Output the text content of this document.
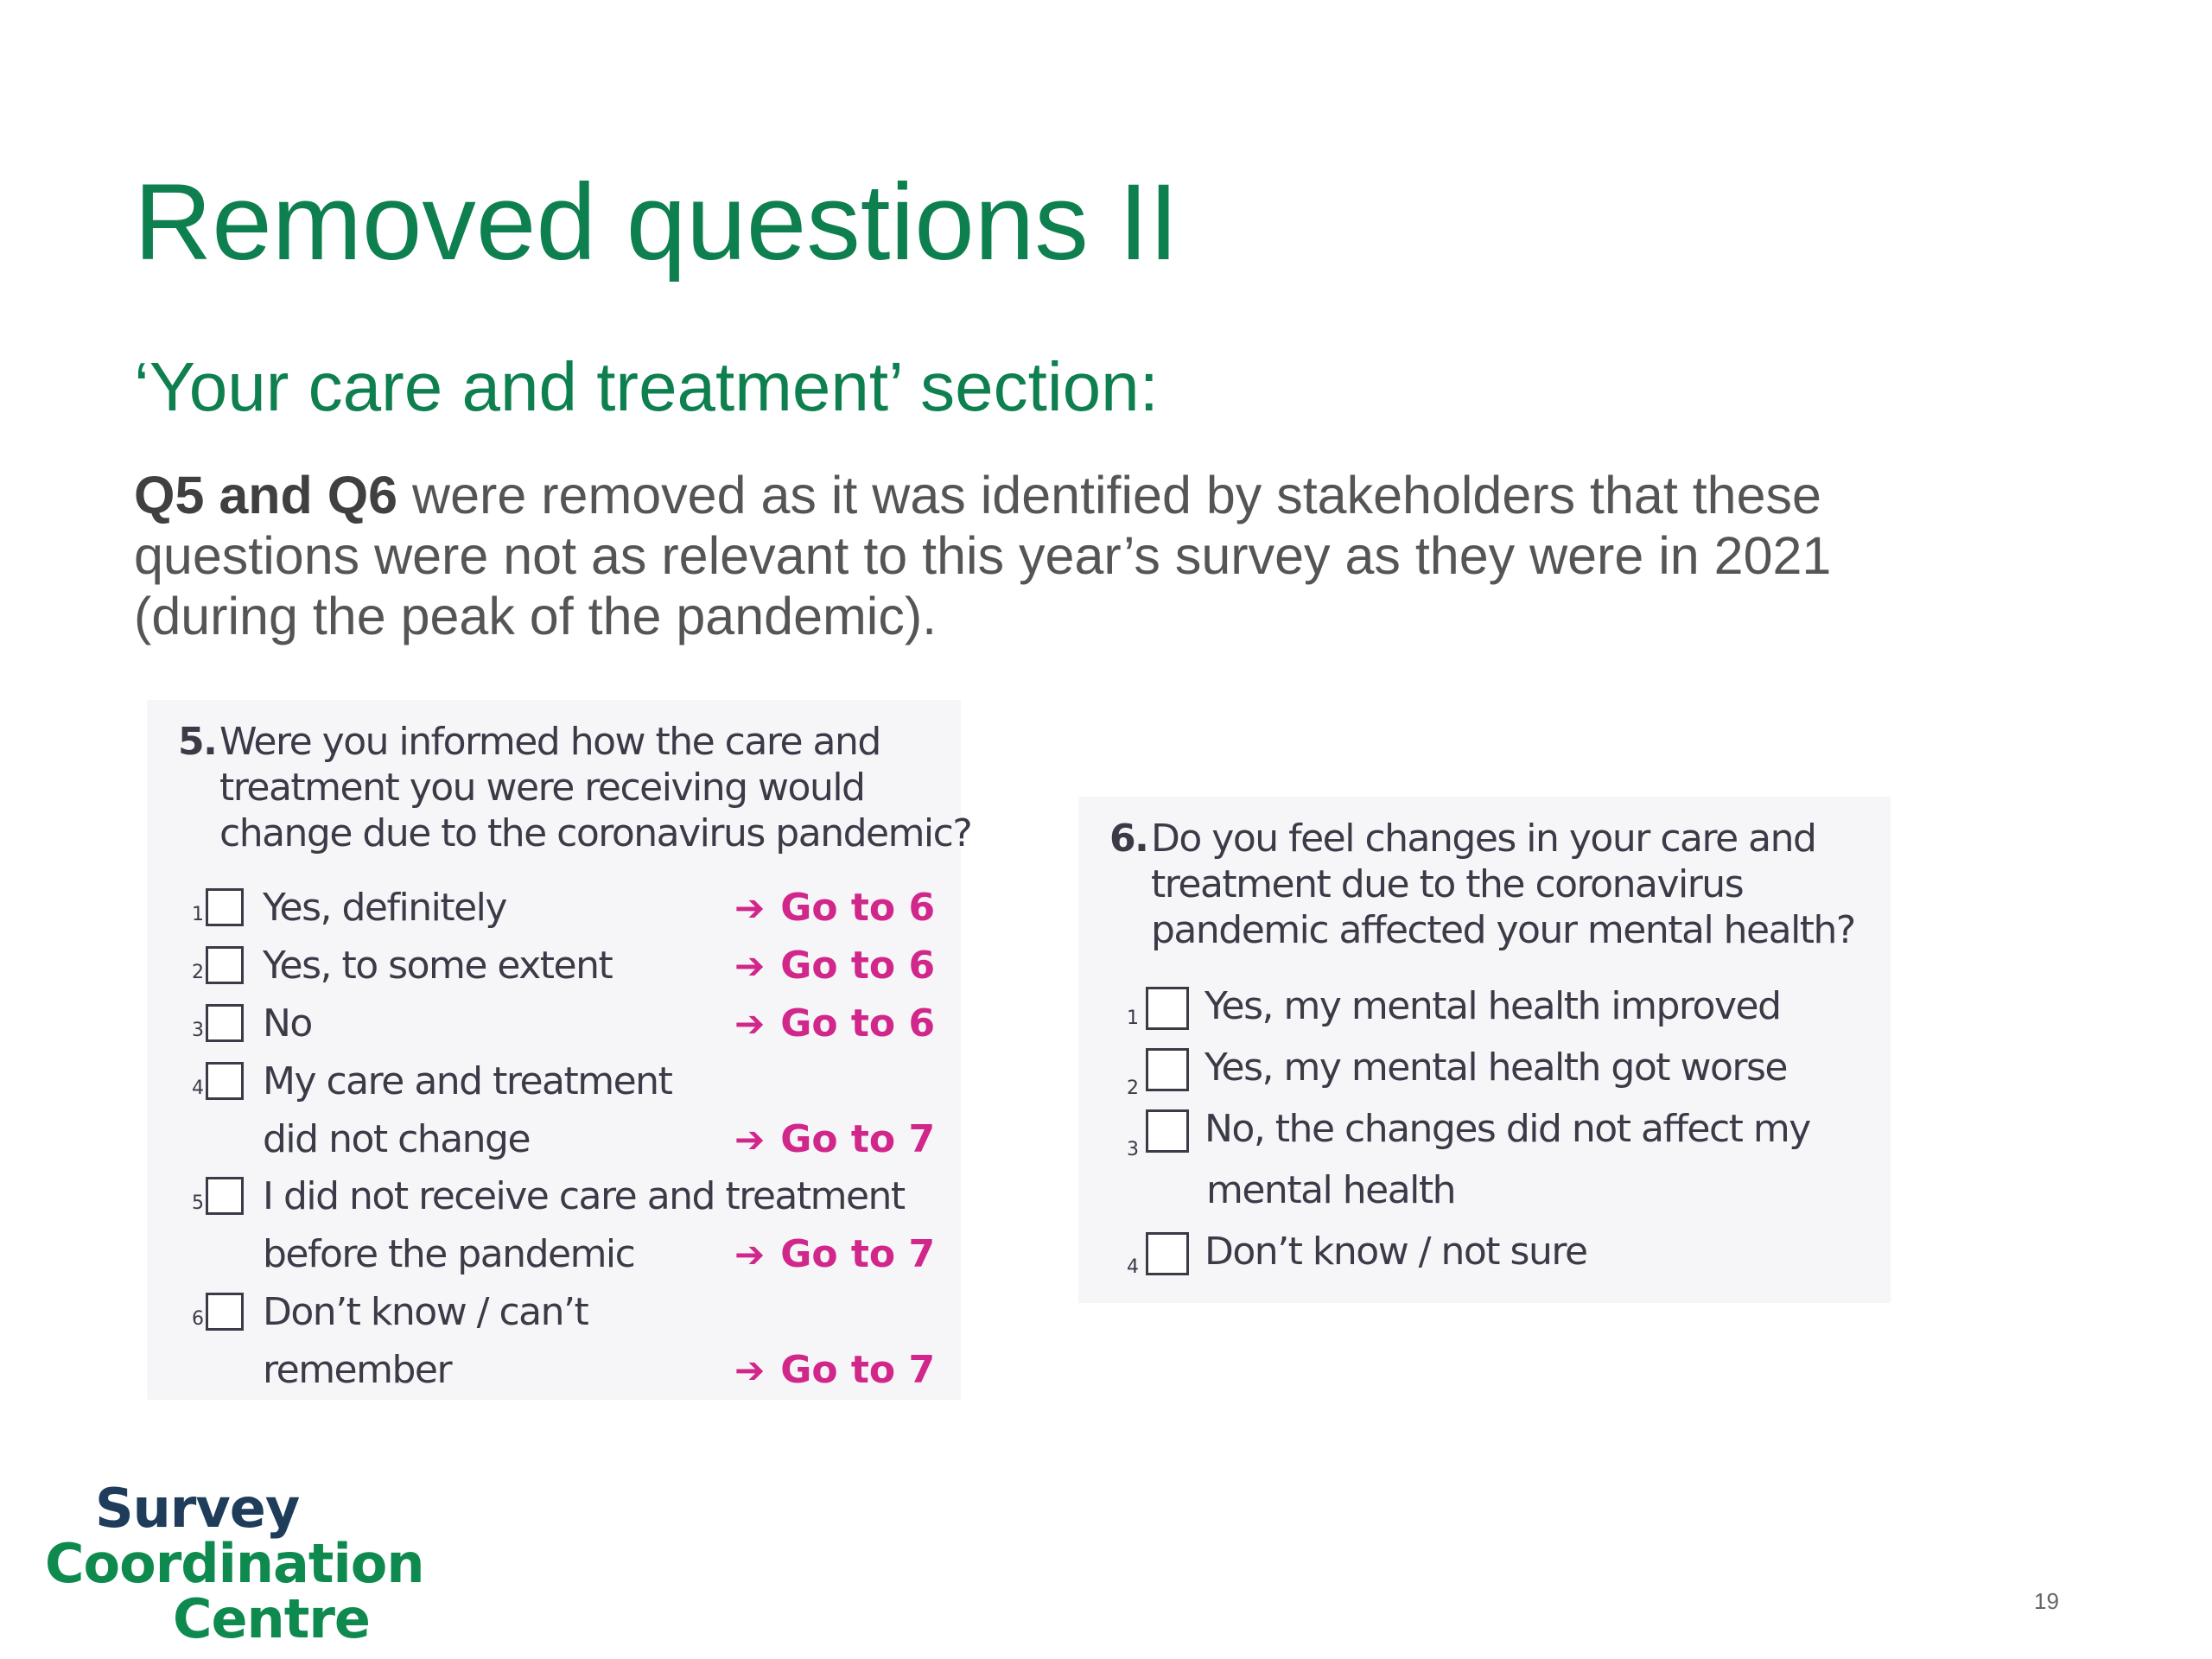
Removed questions II
‘Your care and treatment’ section:

Q5 and Q6 were removed as it was identified by stakeholders that these

questions were not as relevant to this year’s survey as they were in 2021

(during the peak of the pandemic).

5.Were you informed how the care and
treatment you were receiving would
change due to the coronavirus pandemic?
1 Yes, definitely	➔ Go to 6
2 Yes, to some extent	➔ Go to 6
3 No	➔ Go to 6
4 My care and treatment
did not change	➔ Go to 7
5 I did not receive care and treatment
before the pandemic	➔ Go to 7
6 Don’t know / can’t
remember	➔ Go to 7
6.Do you feel changes in your care and
treatment due to the coronavirus
pandemic affected your mental health?
1 Yes, my mental health improved
2 Yes, my mental health got worse
3 No, the changes did not affect my
mental health
4 Don’t know / not sure
Survey
Coordination
Centre	19
